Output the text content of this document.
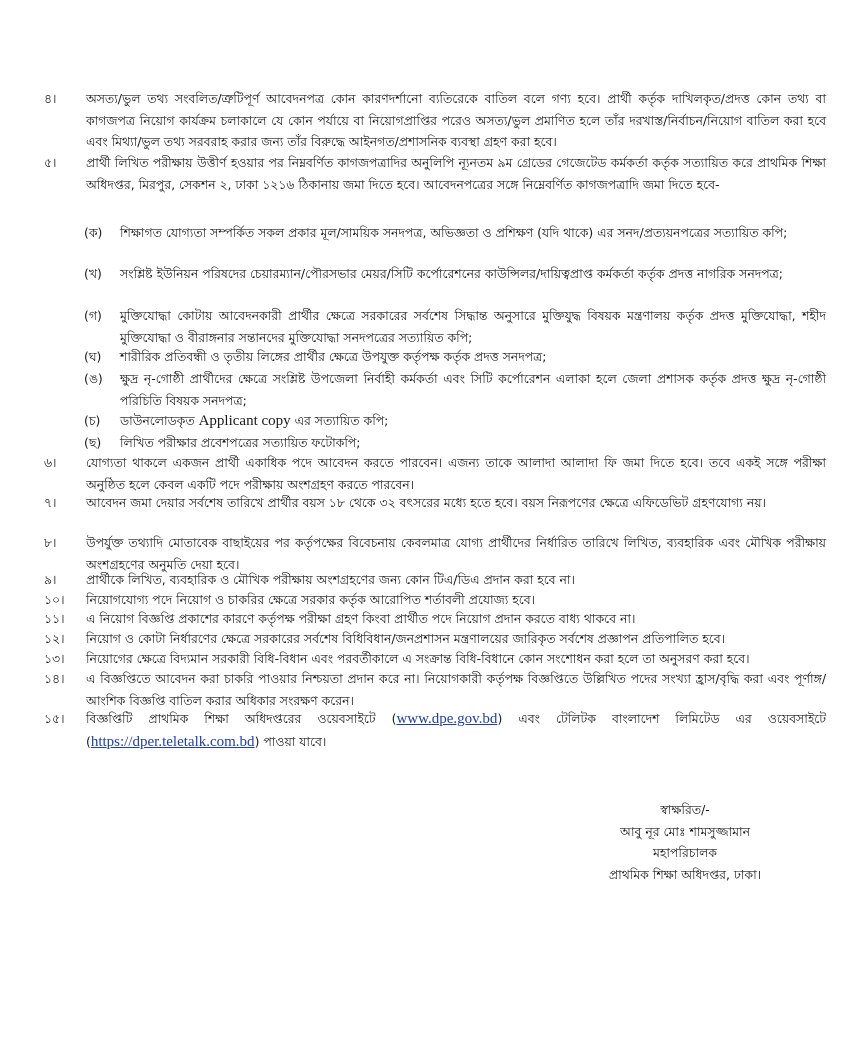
৪।	অসত্য/ভুল তথ্য সংবলিত/ত্রুটিপূর্ণ আবেদনপত্র কোন কারণদর্শানো ব্যতিরেকে বাতিল বলে গণ্য হবে। প্রার্থী কর্তৃক দাখিলকৃত/প্রদত্ত কোন তথ্য বা কাগজপত্র নিয়োগ কার্যক্রম চলাকালে যে কোন পর্যায়ে বা নিয়োগপ্রাপ্তির পরেও অসত্য/ভুল প্রমাণিত হলে তাঁর দরখাস্ত/নির্বাচন/নিয়োগ বাতিল করা হবে এবং মিথ্যা/ভুল তথ্য সরবরাহ করার জন্য তাঁর বিরুদ্ধে আইনগত/প্রশাসনিক ব্যবস্থা গ্রহণ করা হবে।
৫।	প্রার্থী লিখিত পরীক্ষায় উত্তীর্ণ হওয়ার পর নিম্নবর্ণিত কাগজপত্রাদির অনুলিপি ন্যূনতম ৯ম গ্রেডের গেজেটেড কর্মকর্তা কর্তৃক সত্যায়িত করে প্রাথমিক শিক্ষা অধিদপ্তর, মিরপুর, সেকশন ২, ঢাকা ১২১৬ ঠিকানায় জমা দিতে হবে। আবেদনপত্রের সঙ্গে নিম্নেবর্ণিত কাগজপত্রাদি জমা দিতে হবে-
(ক)	শিক্ষাগত যোগ্যতা সম্পর্কিত সকল প্রকার মূল/সাময়িক সনদপত্র, অভিজ্ঞতা ও প্রশিক্ষণ (যদি থাকে) এর সনদ/প্রত্যয়নপত্রের সত্যায়িত কপি;
(খ)	সংশ্লিষ্ট ইউনিয়ন পরিষদের চেয়ারম্যান/পৌরসভার মেয়র/সিটি কর্পোরেশনের কাউন্সিলর/দায়িত্বপ্রাপ্ত কর্মকর্তা কর্তৃক প্রদত্ত নাগরিক সনদপত্র;
(গ)	মুক্তিযোদ্ধা কোটায় আবেদনকারী প্রার্থীর ক্ষেত্রে সরকারের সর্বশেষ সিদ্ধান্ত অনুসারে মুক্তিযুদ্ধ বিষয়ক মন্ত্রণালয় কর্তৃক প্রদত্ত মুক্তিযোদ্ধা, শহীদ মুক্তিযোদ্ধা ও বীরাঙ্গনার সন্তানদের মুক্তিযোদ্ধা সনদপত্রের সত্যায়িত কপি;
(ঘ)	শারীরিক প্রতিবন্ধী ও তৃতীয় লিঙ্গের প্রার্থীর ক্ষেত্রে উপযুক্ত কর্তৃপক্ষ কর্তৃক প্রদত্ত সনদপত্র;
(ঙ)	ক্ষুদ্র নৃ-গোষ্ঠী প্রার্থীদের ক্ষেত্রে সংশ্লিষ্ট উপজেলা নির্বাহী কর্মকর্তা এবং সিটি কর্পোরেশন এলাকা হলে জেলা প্রশাসক কর্তৃক প্রদত্ত ক্ষুদ্র নৃ-গোষ্ঠী পরিচিতি বিষয়ক সনদপত্র;
(চ)	ডাউনলোডকৃত Applicant copy এর সত্যায়িত কপি;
(ছ)	লিখিত পরীক্ষার প্রবেশপত্রের সত্যায়িত ফটোকপি;
৬।	যোগ্যতা থাকলে একজন প্রার্থী একাধিক পদে আবেদন করতে পারবেন। এজন্য তাকে আলাদা আলাদা ফি জমা দিতে হবে। তবে একই সঙ্গে পরীক্ষা অনুষ্ঠিত হলে কেবল একটি পদে পরীক্ষায় অংশগ্রহণ করতে পারবেন।
৭।	আবেদন জমা দেয়ার সর্বশেষ তারিখে প্রার্থীর বয়স ১৮ থেকে ৩২ বৎসরের মধ্যে হতে হবে। বয়স নিরূপণের ক্ষেত্রে এফিডেভিট গ্রহণযোগ্য নয়।
৮।	উপর্যুক্ত তথ্যাদি মোতাবেক বাছাইয়ের পর কর্তৃপক্ষের বিবেচনায় কেবলমাত্র যোগ্য প্রার্থীদের নির্ধারিত তারিখে লিখিত, ব্যবহারিক এবং মৌখিক পরীক্ষায় অংশগ্রহণের অনুমতি দেয়া হবে।
৯।	প্রার্থীকে লিখিত, ব্যবহারিক ও মৌখিক পরীক্ষায় অংশগ্রহণের জন্য কোন টিএ/ডিএ প্রদান করা হবে না।
১০।	নিয়োগযোগ্য পদে নিয়োগ ও চাকরির ক্ষেত্রে সরকার কর্তৃক আরোপিত শর্তাবলী প্রযোজ্য হবে।
১১।	এ নিয়োগ বিজ্ঞপ্তি প্রকাশের কারণে কর্তৃপক্ষ পরীক্ষা গ্রহণ কিংবা প্রার্থীত পদে নিয়োগ প্রদান করতে বাধ্য থাকবে না।
১২।	নিয়োগ ও কোটা নির্ধারণের ক্ষেত্রে সরকারের সর্বশেষ বিধিবিধান/জনপ্রশাসন মন্ত্রণালয়ের জারিকৃত সর্বশেষ প্রজ্ঞাপন প্রতিপালিত হবে।
১৩।	নিয়োগের ক্ষেত্রে বিদ্যমান সরকারী বিধি-বিধান এবং পরবর্তীকালে এ সংক্রান্ত বিধি-বিধানে কোন সংশোধন করা হলে তা অনুসরণ করা হবে।
১৪।	এ বিজ্ঞপ্তিতে আবেদন করা চাকরি পাওয়ার নিশ্চয়তা প্রদান করে না। নিয়োগকারী কর্তৃপক্ষ বিজ্ঞপ্তিতে উল্লিখিত পদের সংখ্যা হ্রাস/বৃদ্ধি করা এবং পূর্ণাঙ্গ/আংশিক বিজ্ঞপ্তি বাতিল করার অধিকার সংরক্ষণ করেন।
১৫।	বিজ্ঞপ্তিটি প্রাথমিক শিক্ষা অধিদপ্তরের ওয়েবসাইটে (www.dpe.gov.bd) এবং টেলিটক বাংলাদেশ লিমিটেড এর ওয়েবসাইটে (https://dper.teletalk.com.bd) পাওয়া যাবে।
স্বাক্ষরিত/-
আবু নূর মোঃ শামসুজ্জামান
মহাপরিচালক
প্রাথমিক শিক্ষা অধিদপ্তর, ঢাকা।
